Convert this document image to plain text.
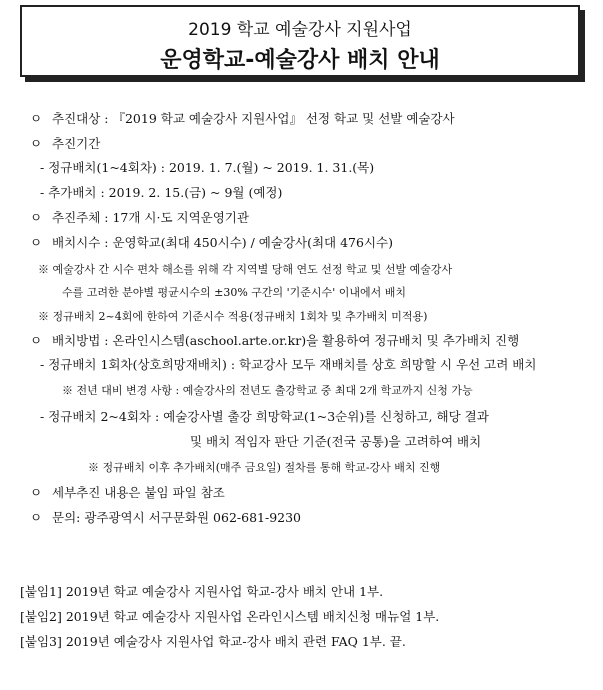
2019 학교 예술강사 지원사업
운영학교-예술강사 배치 안내
ㅇ 추진대상 : 『2019 학교 예술강사 지원사업』 선정 학교 및 선발 예술강사
ㅇ 추진기간
- 정규배치(1~4회차) : 2019. 1. 7.(월) ~ 2019. 1. 31.(목)
- 추가배치 : 2019. 2. 15.(금) ~ 9월 (예정)
ㅇ 추진주체 : 17개 시·도 지역운영기관
ㅇ 배치시수 : 운영학교(최대 450시수) / 예술강사(최대 476시수)
※ 예술강사 간 시수 편차 해소를 위해 각 지역별 당해 연도 선정 학교 및 선발 예술강사
수를 고려한 분야별 평균시수의 ±30% 구간의 '기준시수' 이내에서 배치
※ 정규배치 2~4회에 한하여 기준시수 적용(정규배치 1회차 및 추가배치 미적용)
ㅇ 배치방법 : 온라인시스템(aschool.arte.or.kr)을 활용하여 정규배치 및 추가배치 진행
- 정규배치 1회차(상호희망재배치) : 학교강사 모두 재배치를 상호 희망할 시 우선 고려 배치
※ 전년 대비 변경 사항 : 예술강사의 전년도 출강학교 중 최대 2개 학교까지 신청 가능
- 정규배치 2~4회차 : 예술강사별 출강 희망학교(1~3순위)를 신청하고, 해당 결과
및 배치 적임자 판단 기준(전국 공통)을 고려하여 배치
※ 정규배치 이후 추가배치(매주 금요일) 절차를 통해 학교-강사 배치 진행
ㅇ 세부추진 내용은 붙임 파일 참조
ㅇ 문의: 광주광역시 서구문화원 062-681-9230
[붙임1] 2019년 학교 예술강사 지원사업 학교-강사 배치 안내 1부.
[붙임2] 2019년 학교 예술강사 지원사업 온라인시스템 배치신청 매뉴얼 1부.
[붙임3] 2019년 예술강사 지원사업 학교-강사 배치 관련 FAQ 1부. 끝.
